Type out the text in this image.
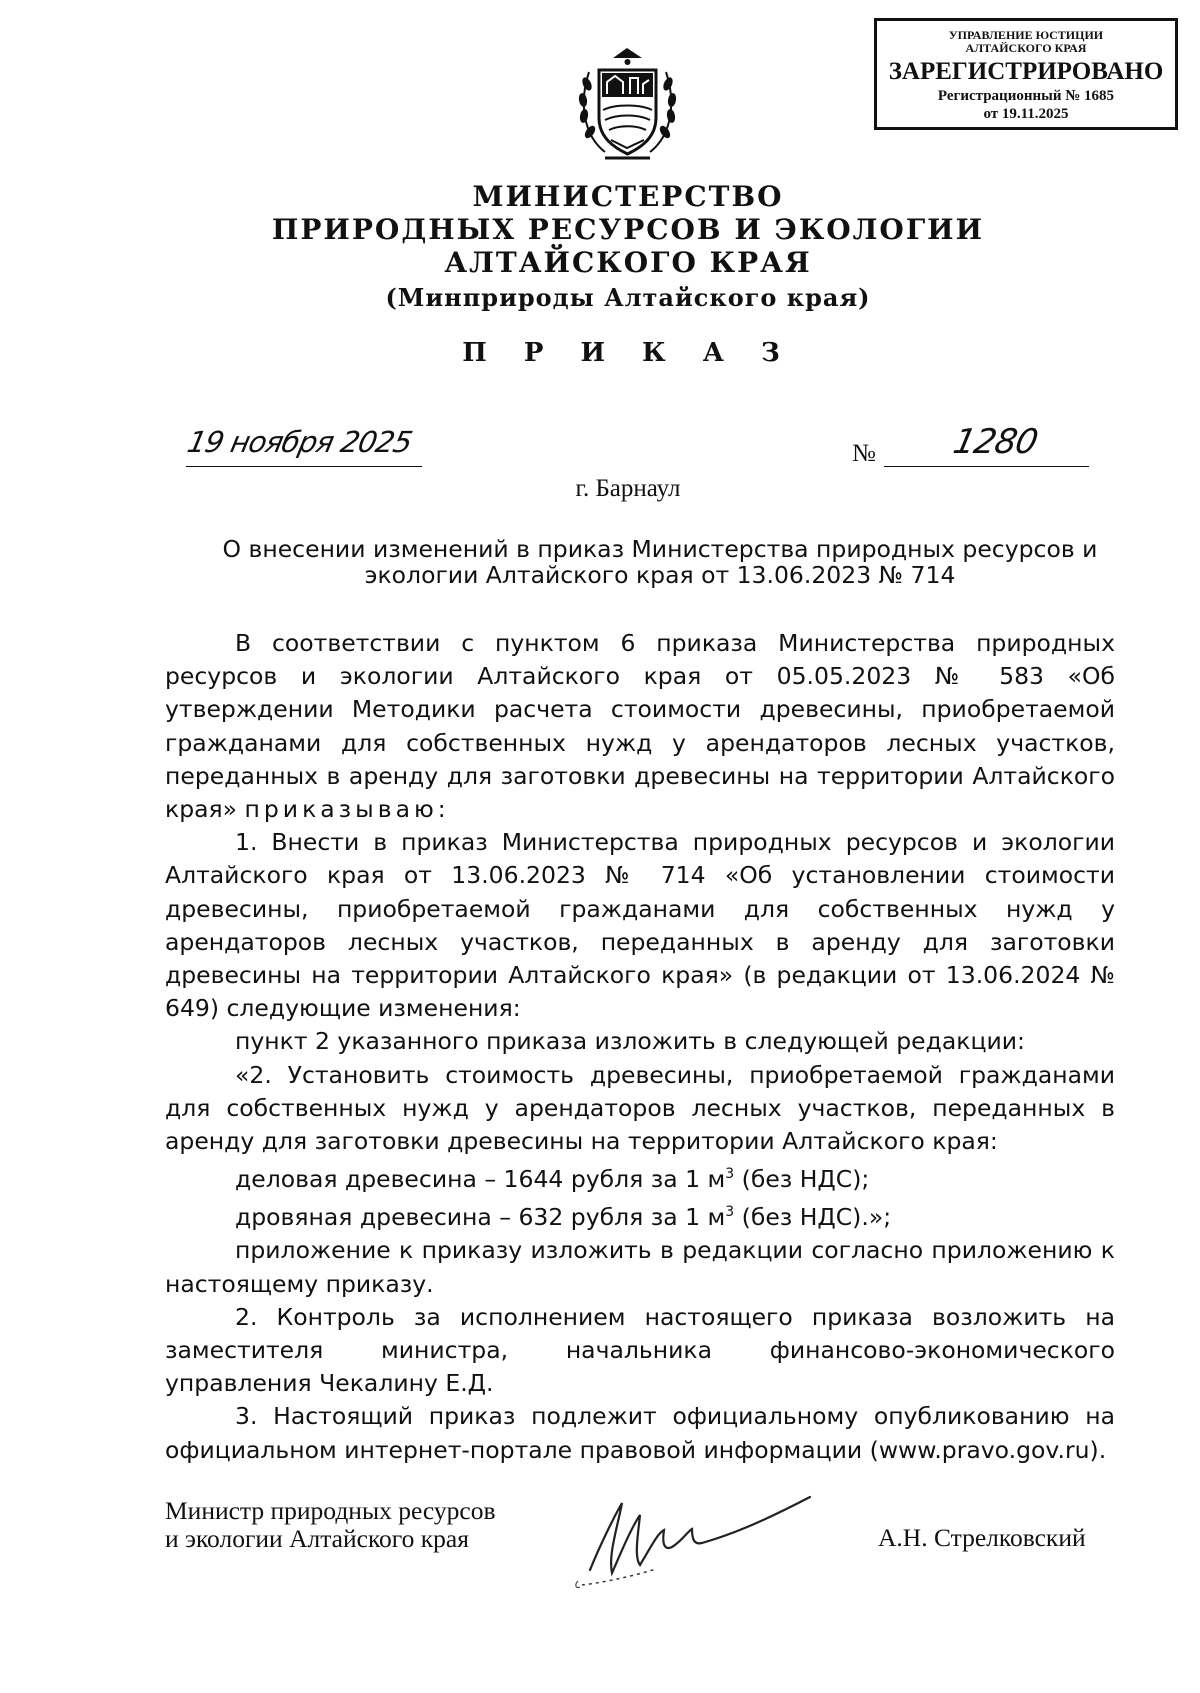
УПРАВЛЕНИЕ ЮСТИЦИИ
АЛТАЙСКОГО КРАЯ
ЗАРЕГИСТРИРОВАНО
Регистрационный № 1685
от 19.11.2025
МИНИСТЕРСТВО
ПРИРОДНЫХ РЕСУРСОВ И ЭКОЛОГИИ
АЛТАЙСКОГО КРАЯ
(Минприроды Алтайского края)
П Р И К А З
19 ноября 2025	№ 1280
г. Барнаул
О внесении изменений в приказ Министерства природных ресурсов и
экологии Алтайского края от 13.06.2023 № 714

В соответствии с пунктом 6 приказа Министерства природных ресурсов и экологии Алтайского края от 05.05.2023 № 583 «Об утверждении Методики расчета стоимости древесины, приобретаемой гражданами для собственных нужд у арендаторов лесных участков, переданных в аренду для заготовки древесины на территории Алтайского края» приказываю:

1. Внести в приказ Министерства природных ресурсов и экологии Алтайского края от 13.06.2023 № 714 «Об установлении стоимости древесины, приобретаемой гражданами для собственных нужд у арендаторов лесных участков, переданных в аренду для заготовки древесины на территории Алтайского края» (в редакции от 13.06.2024 № 649) следующие изменения:

пункт 2 указанного приказа изложить в следующей редакции:

«2. Установить стоимость древесины, приобретаемой гражданами для собственных нужд у арендаторов лесных участков, переданных в аренду для заготовки древесины на территории Алтайского края:

деловая древесина – 1644 рубля за 1 $м^3$ (без НДС);

дровяная древесина – 632 рубля за 1 $м^3$ (без НДС).»;

приложение к приказу изложить в редакции согласно приложению к настоящему приказу.

2. Контроль за исполнением настоящего приказа возложить на заместителя министра, начальника финансово-экономического управления Чекалину Е.Д.

3. Настоящий приказ подлежит официальному опубликованию на официальном интернет-портале правовой информации (www.pravo.gov.ru).

Министр природных ресурсов
и экологии Алтайского края	А.Н. Стрелковский
